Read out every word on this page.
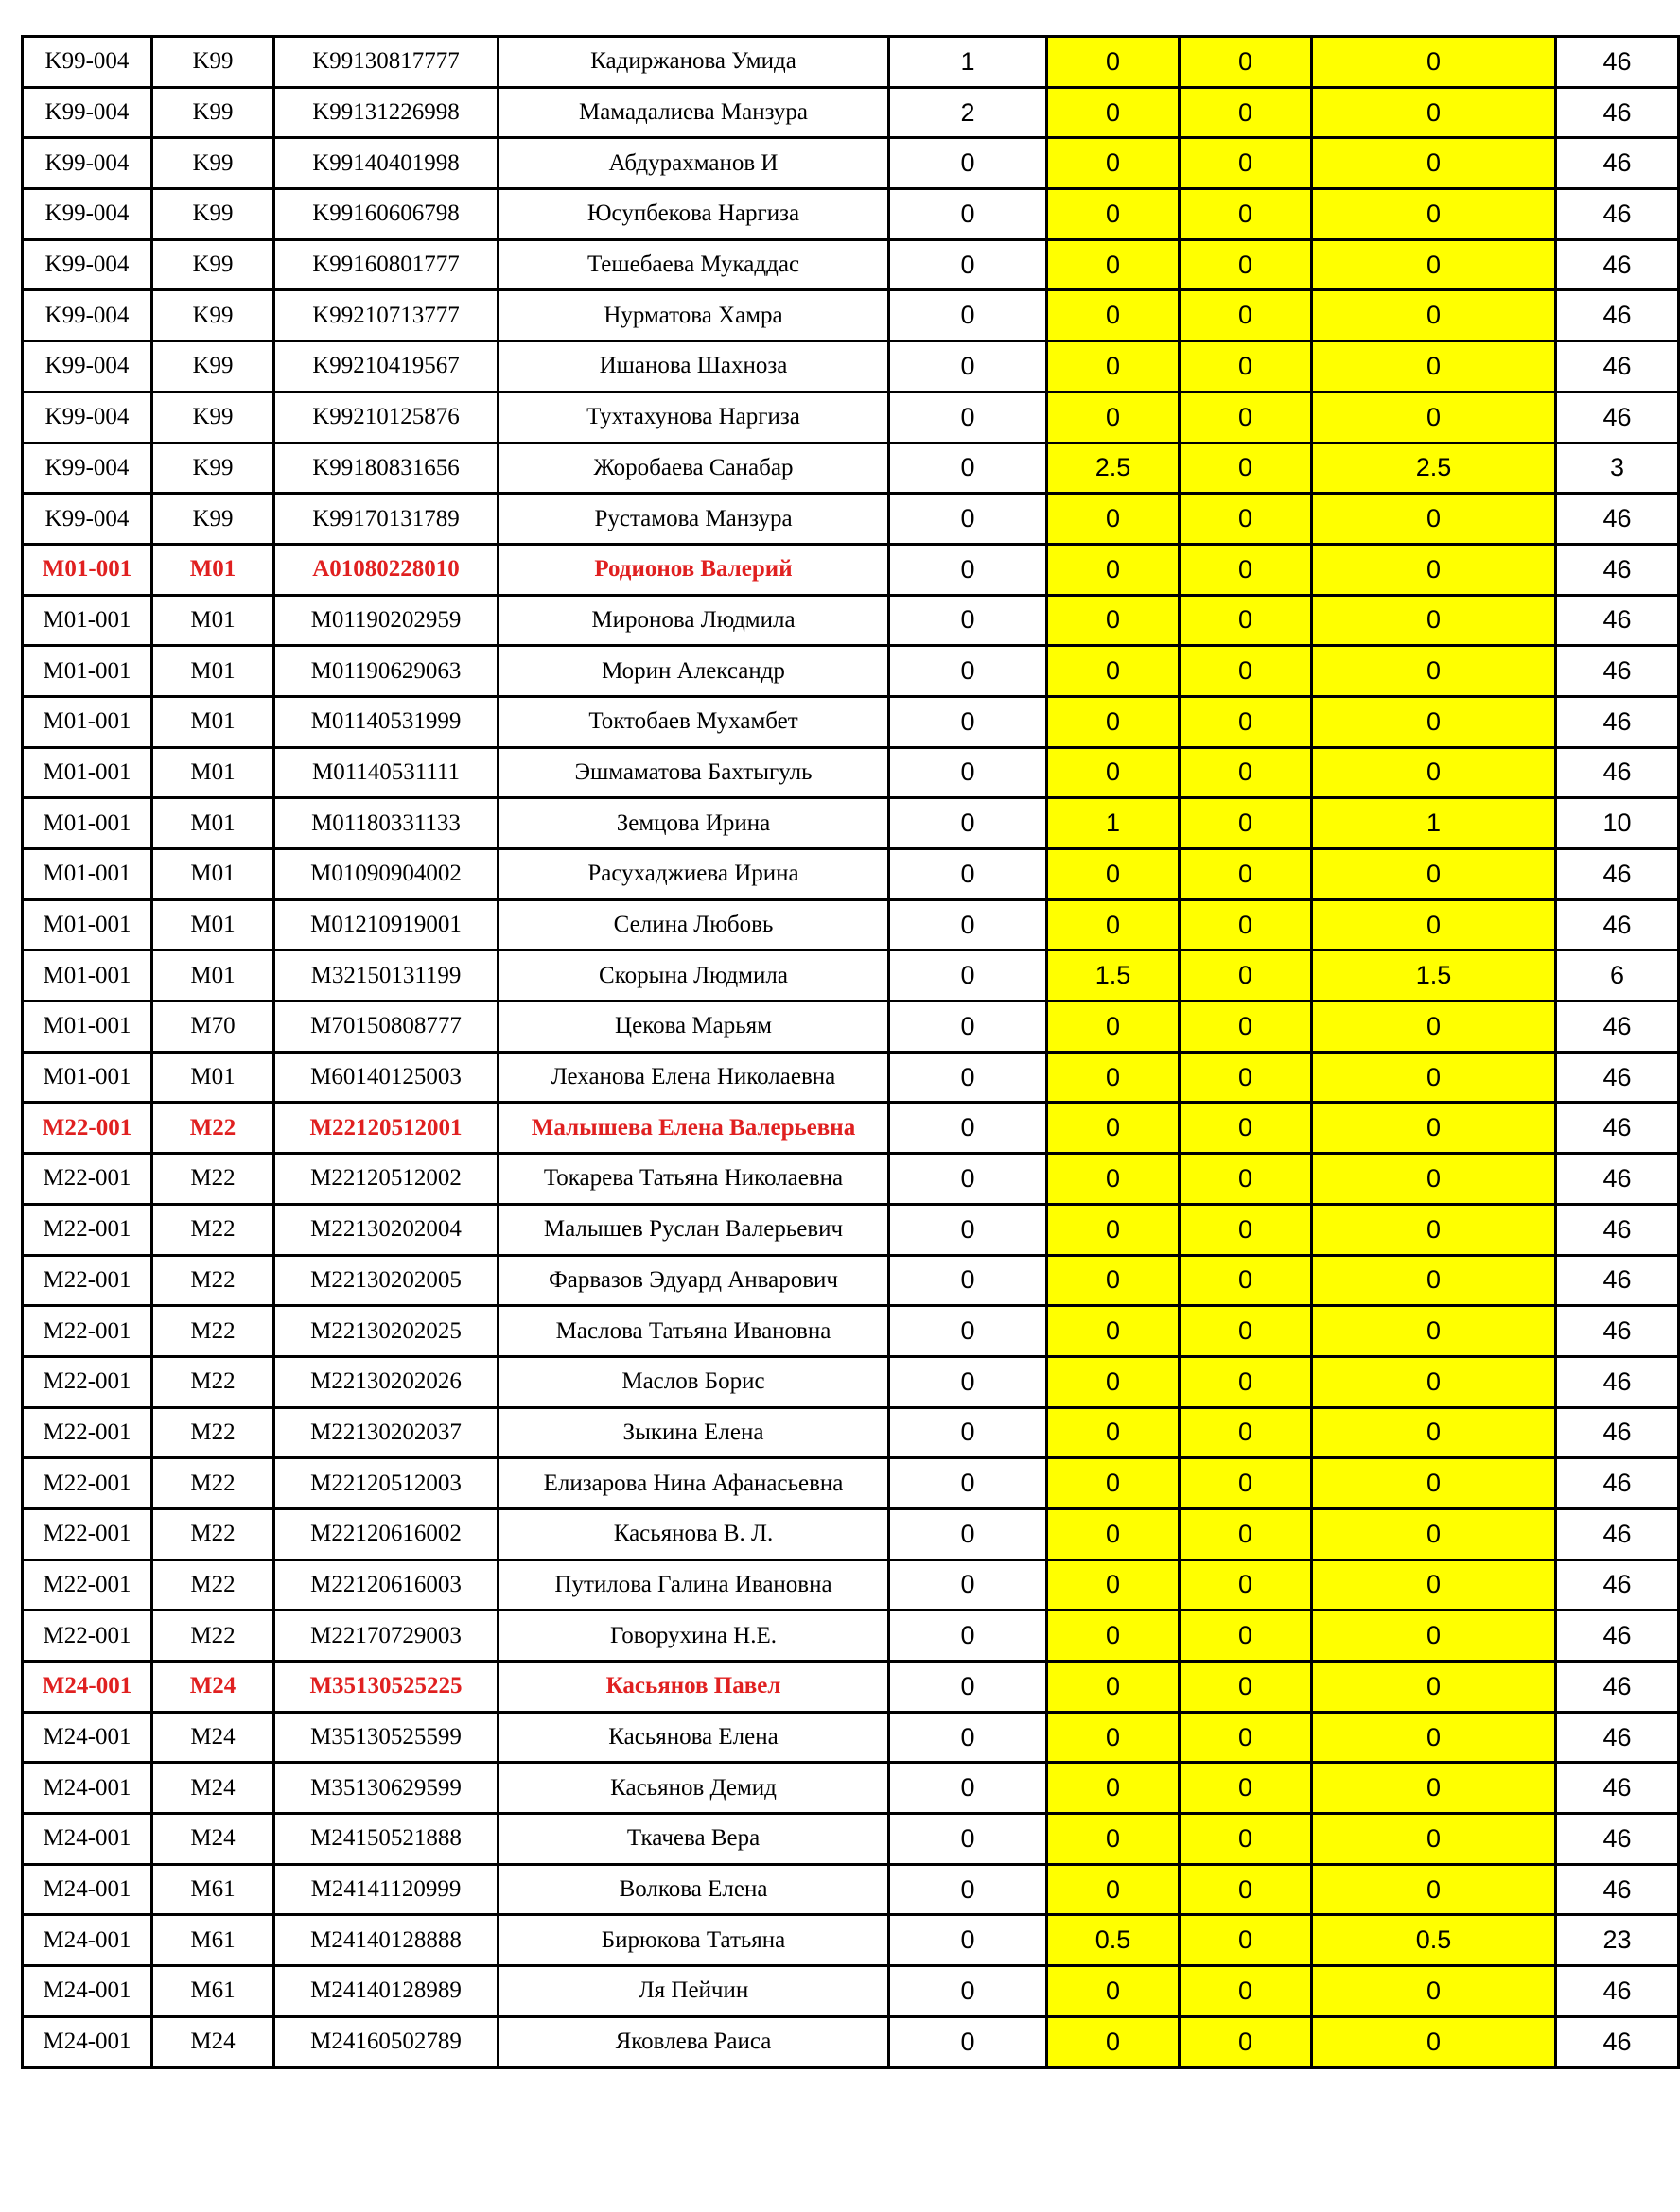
K99-004	K99	K99130817777	Кадиржанова Умида	1	0	0	0	46
K99-004	K99	K99131226998	Мамадалиева Манзура	2	0	0	0	46
K99-004	K99	K99140401998	Абдурахманов И	0	0	0	0	46
K99-004	K99	K99160606798	Юсупбекова Наргиза	0	0	0	0	46
K99-004	K99	K99160801777	Тешебаева Мукаддас	0	0	0	0	46
K99-004	K99	K99210713777	Нурматова Хамра	0	0	0	0	46
K99-004	K99	K99210419567	Ишанова Шахноза	0	0	0	0	46
K99-004	K99	K99210125876	Тухтахунова Наргиза	0	0	0	0	46
K99-004	K99	K99180831656	Жоробаева Санабар	0	2.5	0	2.5	3
K99-004	K99	K99170131789	Рустамова Манзура	0	0	0	0	46
M01-001	M01	A01080228010	Родионов Валерий	0	0	0	0	46
M01-001	M01	M01190202959	Миронова Людмила	0	0	0	0	46
M01-001	M01	M01190629063	Морин Александр	0	0	0	0	46
M01-001	M01	M01140531999	Токтобаев Мухамбет	0	0	0	0	46
M01-001	M01	M01140531111	Эшмаматова Бахтыгуль	0	0	0	0	46
M01-001	M01	M01180331133	Земцова Ирина	0	1	0	1	10
M01-001	M01	M01090904002	Расухаджиева Ирина	0	0	0	0	46
M01-001	M01	M01210919001	Селина Любовь	0	0	0	0	46
M01-001	M01	M32150131199	Скорына Людмила	0	1.5	0	1.5	6
M01-001	M70	M70150808777	Цекова Марьям	0	0	0	0	46
M01-001	M01	M60140125003	Леханова Елена Николаевна	0	0	0	0	46
M22-001	M22	M22120512001	Малышева Елена Валерьевна	0	0	0	0	46
M22-001	M22	M22120512002	Токарева Татьяна Николаевна	0	0	0	0	46
M22-001	M22	M22130202004	Малышев Руслан Валерьевич	0	0	0	0	46
M22-001	M22	M22130202005	Фарвазов Эдуард Анварович	0	0	0	0	46
M22-001	M22	M22130202025	Маслова Татьяна Ивановна	0	0	0	0	46
M22-001	M22	M22130202026	Маслов Борис	0	0	0	0	46
M22-001	M22	M22130202037	Зыкина Елена	0	0	0	0	46
M22-001	M22	M22120512003	Елизарова Нина Афанасьевна	0	0	0	0	46
M22-001	M22	M22120616002	Касьянова В. Л.	0	0	0	0	46
M22-001	M22	M22120616003	Путилова Галина Ивановна	0	0	0	0	46
M22-001	M22	M22170729003	Говорухина Н.Е.	0	0	0	0	46
M24-001	M24	M35130525225	Касьянов Павел	0	0	0	0	46
M24-001	M24	M35130525599	Касьянова Елена	0	0	0	0	46
M24-001	M24	M35130629599	Касьянов Демид	0	0	0	0	46
M24-001	M24	M24150521888	Ткачева Вера	0	0	0	0	46
M24-001	M61	M24141120999	Волкова Елена	0	0	0	0	46
M24-001	M61	M24140128888	Бирюкова Татьяна	0	0.5	0	0.5	23
M24-001	M61	M24140128989	Ля Пейчин	0	0	0	0	46
M24-001	M24	M24160502789	Яковлева Раиса	0	0	0	0	46
